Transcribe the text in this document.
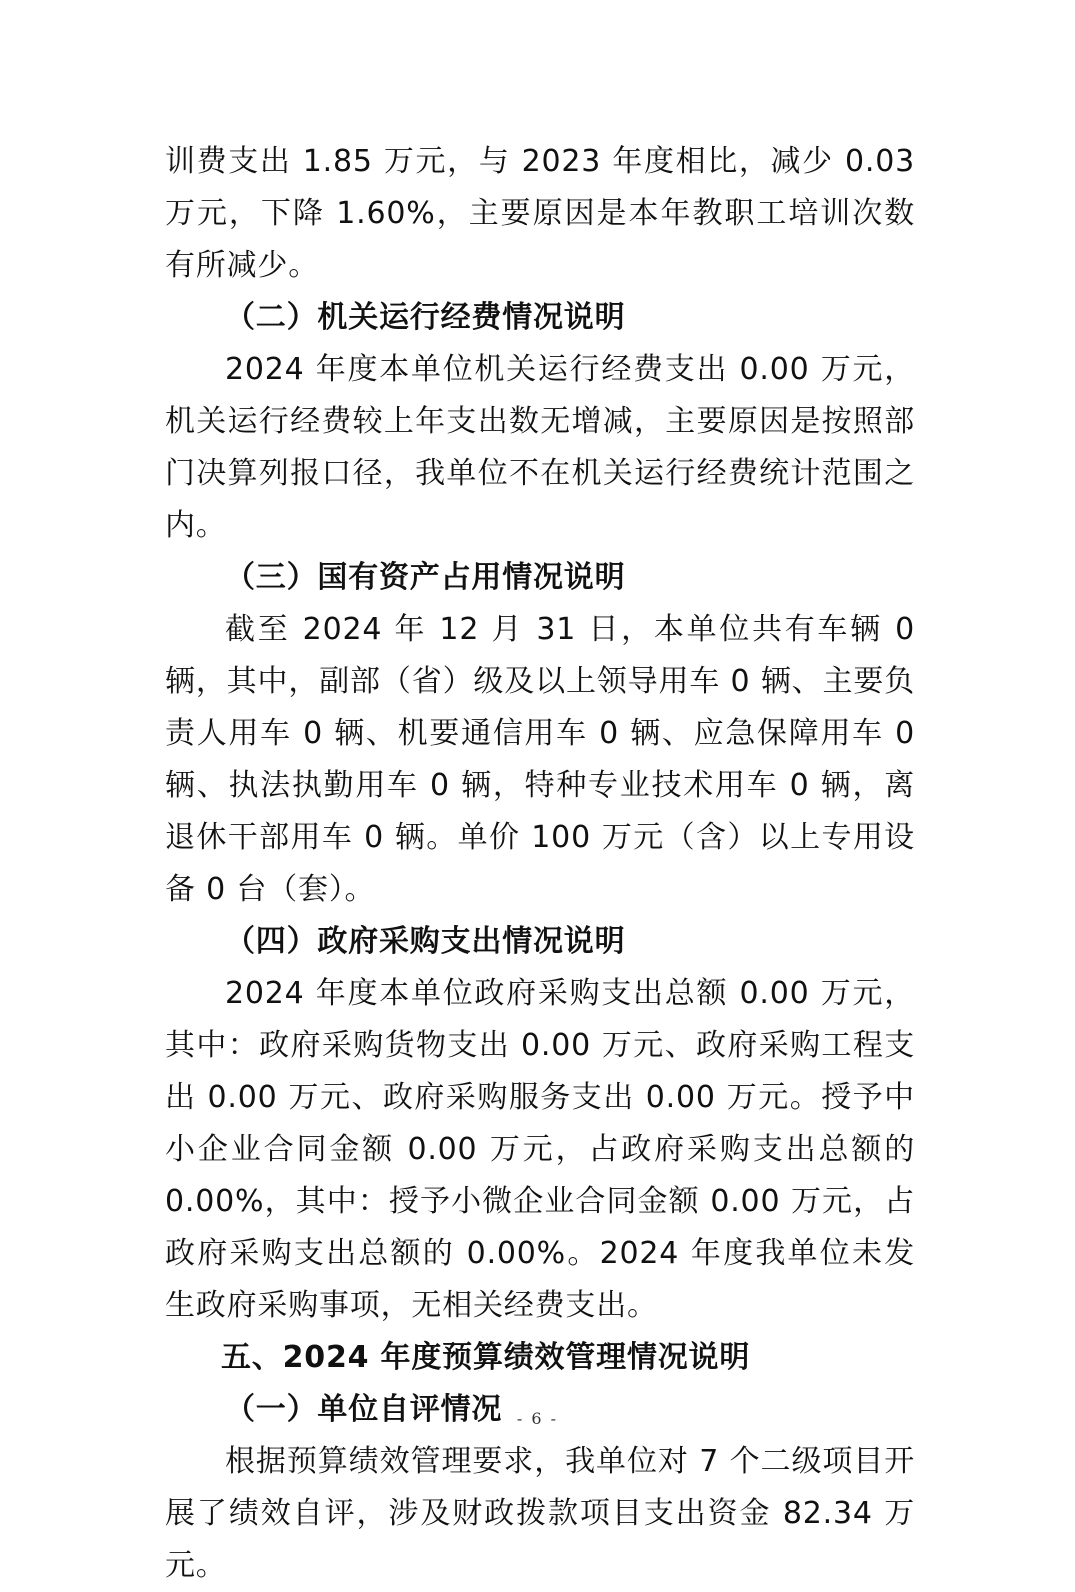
训费支出 1.85 万元，与 2023 年度相比，减少 0.03 万元，下降 1.60%，主要原因是本年教职工培训次数有所减少。

（二）机关运行经费情况说明

2024 年度本单位机关运行经费支出 0.00 万元，机关运行经费较上年支出数无增减，主要原因是按照部门决算列报口径，我单位不在机关运行经费统计范围之内。

（三）国有资产占用情况说明

截至 2024 年 12 月 31 日，本单位共有车辆 0 辆，其中，副部（省）级及以上领导用车 0 辆、主要负责人用车 0 辆、机要通信用车 0 辆、应急保障用车 0 辆、执法执勤用车 0 辆，特种专业技术用车 0 辆，离退休干部用车 0 辆。单价 100 万元（含）以上专用设备 0 台（套）。

（四）政府采购支出情况说明

2024 年度本单位政府采购支出总额 0.00 万元，其中：政府采购货物支出 0.00 万元、政府采购工程支出 0.00 万元、政府采购服务支出 0.00 万元。授予中小企业合同金额 0.00 万元，占政府采购支出总额的 0.00%，其中：授予小微企业合同金额 0.00 万元，占政府采购支出总额的 0.00%。2024 年度我单位未发生政府采购事项，无相关经费支出。

五、2024 年度预算绩效管理情况说明

（一）单位自评情况

根据预算绩效管理要求，我单位对 7 个二级项目开展了绩效自评，涉及财政拨款项目支出资金 82.34 万元。

- 6 -
